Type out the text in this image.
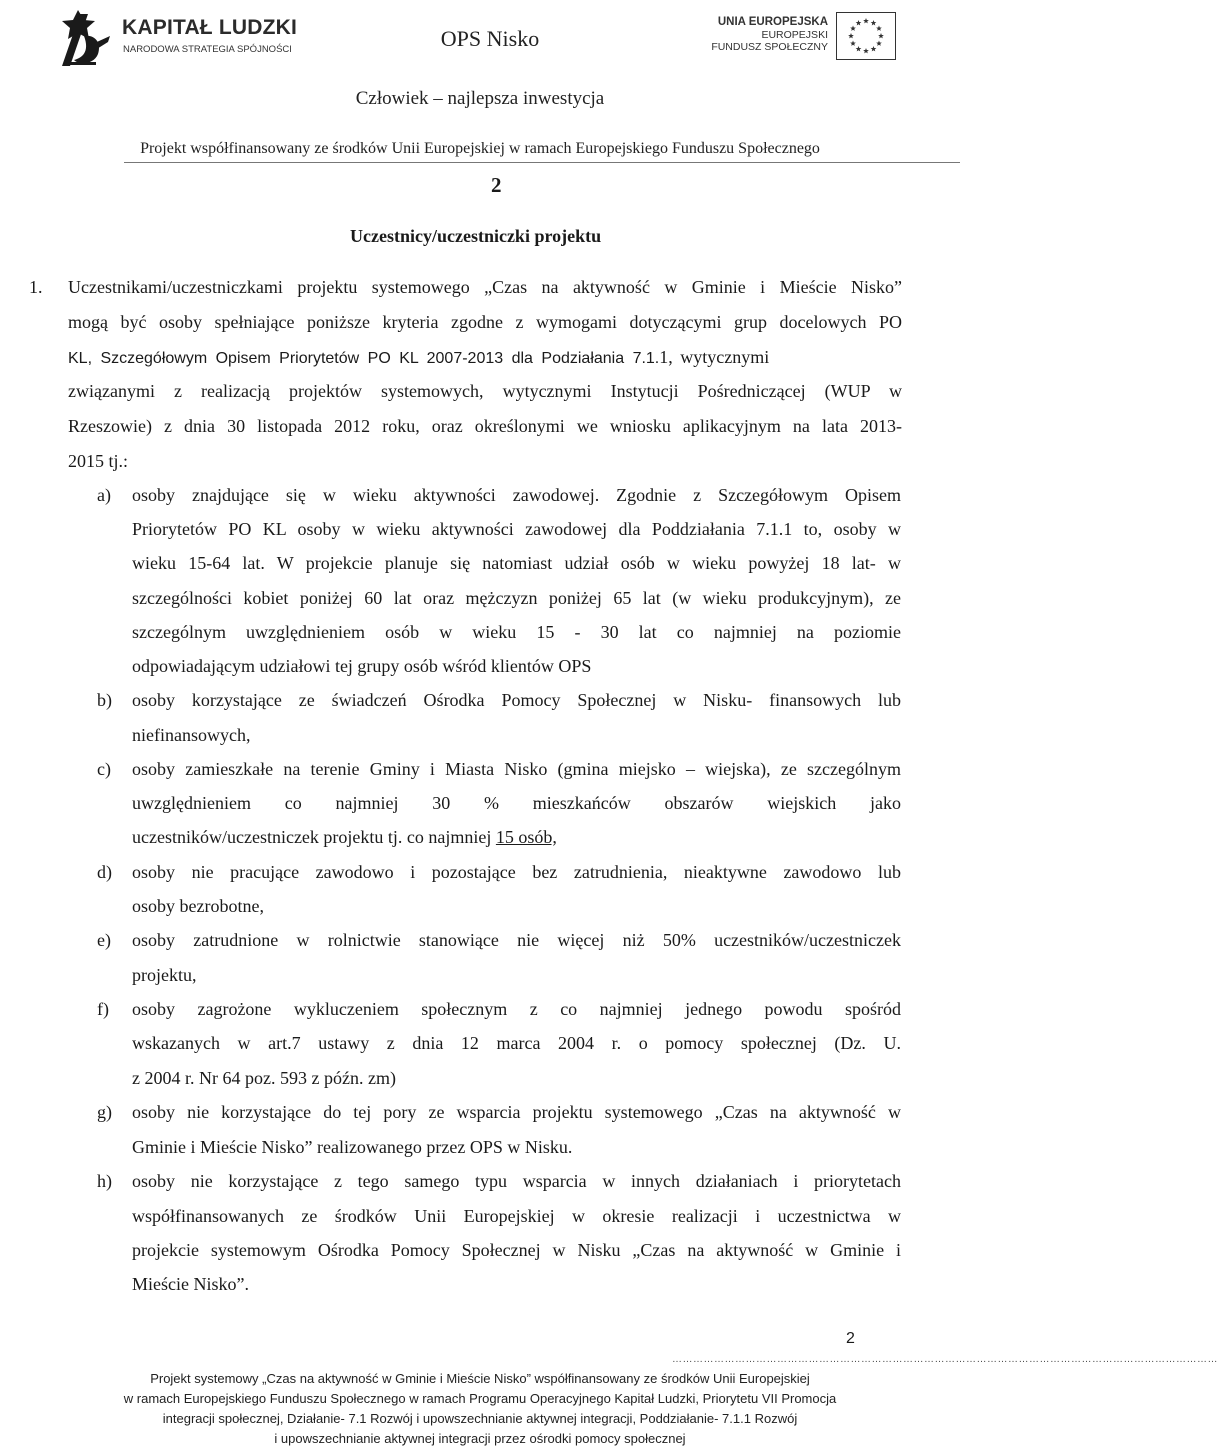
KAPITAŁ LUDZKI
NARODOWA STRATEGIA SPÓJNOŚCI	OPS Nisko
UNIA EUROPEJSKA
EUROPEJSKI
FUNDUSZ SPOŁECZNY
Człowiek – najlepsza inwestycja
Projekt współfinansowany ze środków Unii Europejskiej w ramach Europejskiego Funduszu Społecznego
2
Uczestnicy/uczestniczki projektu
1. Uczestnikami/uczestniczkami projektu systemowego „Czas na aktywność w Gminie i Mieście Nisko”
mogą być osoby spełniające poniższe kryteria zgodne z wymogami dotyczącymi grup docelowych PO
KL, Szczegółowym Opisem Priorytetów PO KL 2007-2013 dla Podziałania 7.1.1, wytycznymi
związanymi z realizacją projektów systemowych, wytycznymi Instytucji Pośredniczącej (WUP w
Rzeszowie) z dnia 30 listopada 2012 roku, oraz określonymi we wniosku aplikacyjnym na lata 2013-
2015 tj.:
a) osoby znajdujące się w wieku aktywności zawodowej. Zgodnie z Szczegółowym Opisem
Priorytetów PO KL osoby w wieku aktywności zawodowej dla Poddziałania 7.1.1 to, osoby w
wieku 15-64 lat. W projekcie planuje się natomiast udział osób w wieku powyżej 18 lat- w
szczególności kobiet poniżej 60 lat oraz mężczyzn poniżej 65 lat (w wieku produkcyjnym), ze
szczególnym uwzględnieniem osób w wieku 15 - 30 lat co najmniej na poziomie
odpowiadającym udziałowi tej grupy osób wśród klientów OPS
b) osoby korzystające ze świadczeń Ośrodka Pomocy Społecznej w Nisku- finansowych lub
niefinansowych,
c) osoby zamieszkałe na terenie Gminy i Miasta Nisko (gmina miejsko – wiejska), ze szczególnym
uwzględnieniem co najmniej 30 % mieszkańców obszarów wiejskich jako
uczestników/uczestniczek projektu tj. co najmniej 15 osób,
d) osoby nie pracujące zawodowo i pozostające bez zatrudnienia, nieaktywne zawodowo lub
osoby bezrobotne,
e) osoby zatrudnione w rolnictwie stanowiące nie więcej niż 50% uczestników/uczestniczek
projektu,
f) osoby zagrożone wykluczeniem społecznym z co najmniej jednego powodu spośród
wskazanych w art.7 ustawy z dnia 12 marca 2004 r. o pomocy społecznej (Dz. U.
z 2004 r. Nr 64 poz. 593 z późn. zm)
g) osoby nie korzystające do tej pory ze wsparcia projektu systemowego „Czas na aktywność w
Gminie i Mieście Nisko” realizowanego przez OPS w Nisku.
h) osoby nie korzystające z tego samego typu wsparcia w innych działaniach i priorytetach
współfinansowanych ze środków Unii Europejskiej w okresie realizacji i uczestnictwa w
projekcie systemowym Ośrodka Pomocy Społecznej w Nisku „Czas na aktywność w Gminie i
Mieście Nisko”.
2
…………………………………………………………………………………………………………………………………………
Projekt systemowy „Czas na aktywność w Gminie i Mieście Nisko” współfinansowany ze środków Unii Europejskiej
w ramach Europejskiego Funduszu Społecznego w ramach Programu Operacyjnego Kapitał Ludzki, Priorytetu VII Promocja
integracji społecznej, Działanie- 7.1 Rozwój i upowszechnianie aktywnej integracji, Poddziałanie- 7.1.1 Rozwój
i upowszechnianie aktywnej integracji przez ośrodki pomocy społecznej
